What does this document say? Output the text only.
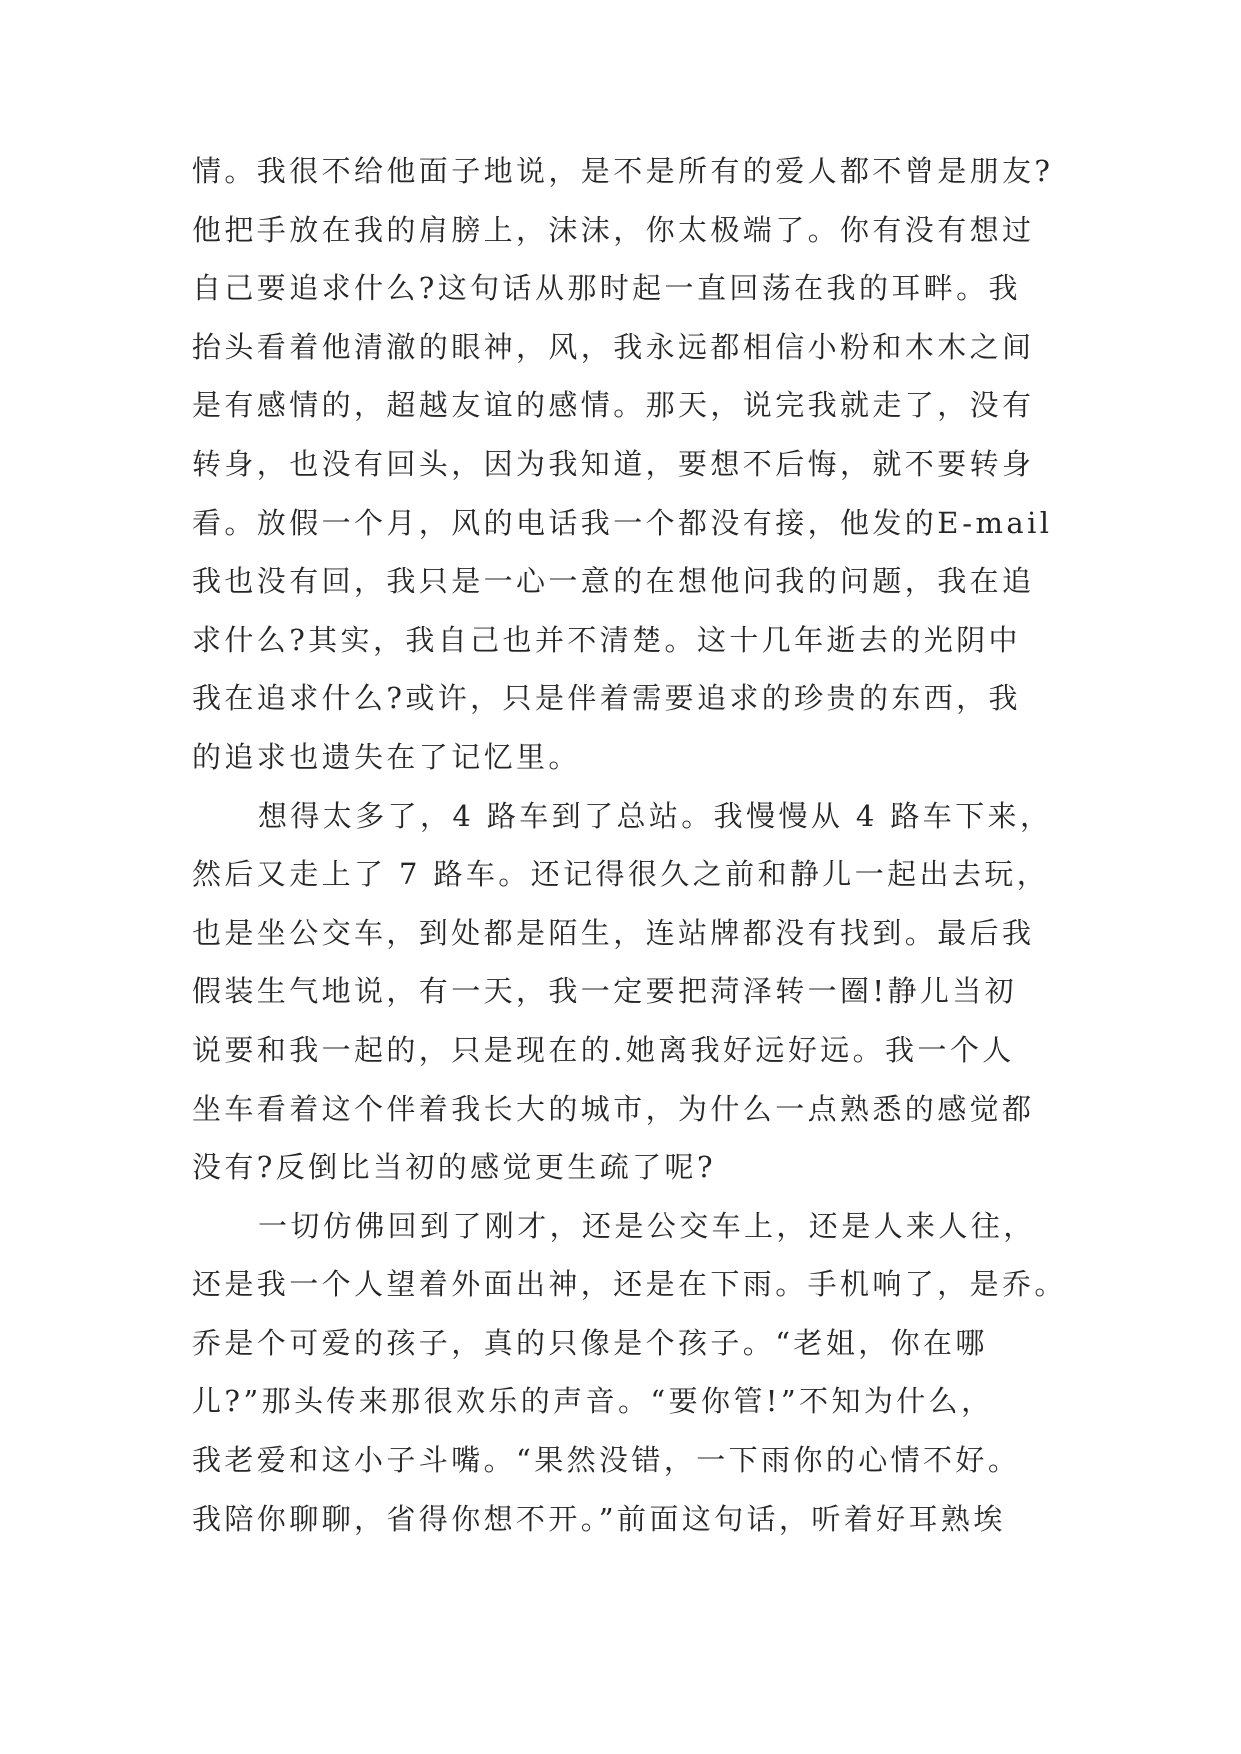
情。我很不给他面子地说，是不是所有的爱人都不曾是朋友?
他把手放在我的肩膀上，沫沫，你太极端了。你有没有想过
自己要追求什么?这句话从那时起一直回荡在我的耳畔。我
抬头看着他清澈的眼神，风，我永远都相信小粉和木木之间
是有感情的，超越友谊的感情。那天，说完我就走了，没有
转身，也没有回头，因为我知道，要想不后悔，就不要转身
看。放假一个月，风的电话我一个都没有接，他发的E-mail
我也没有回，我只是一心一意的在想他问我的问题，我在追
求什么?其实，我自己也并不清楚。这十几年逝去的光阴中
我在追求什么?或许，只是伴着需要追求的珍贵的东西，我
的追求也遗失在了记忆里。
想得太多了，4 路车到了总站。我慢慢从 4 路车下来，
然后又走上了 7 路车。还记得很久之前和静儿一起出去玩，
也是坐公交车，到处都是陌生，连站牌都没有找到。最后我
假装生气地说，有一天，我一定要把菏泽转一圈!静儿当初
说要和我一起的，只是现在的.她离我好远好远。我一个人
坐车看着这个伴着我长大的城市，为什么一点熟悉的感觉都
没有?反倒比当初的感觉更生疏了呢?
一切仿佛回到了刚才，还是公交车上，还是人来人往，
还是我一个人望着外面出神，还是在下雨。手机响了，是乔。
乔是个可爱的孩子，真的只像是个孩子。“老姐，你在哪
儿?”那头传来那很欢乐的声音。“要你管!”不知为什么，
我老爱和这小子斗嘴。“果然没错，一下雨你的心情不好。
我陪你聊聊，省得你想不开。”前面这句话，听着好耳熟埃
